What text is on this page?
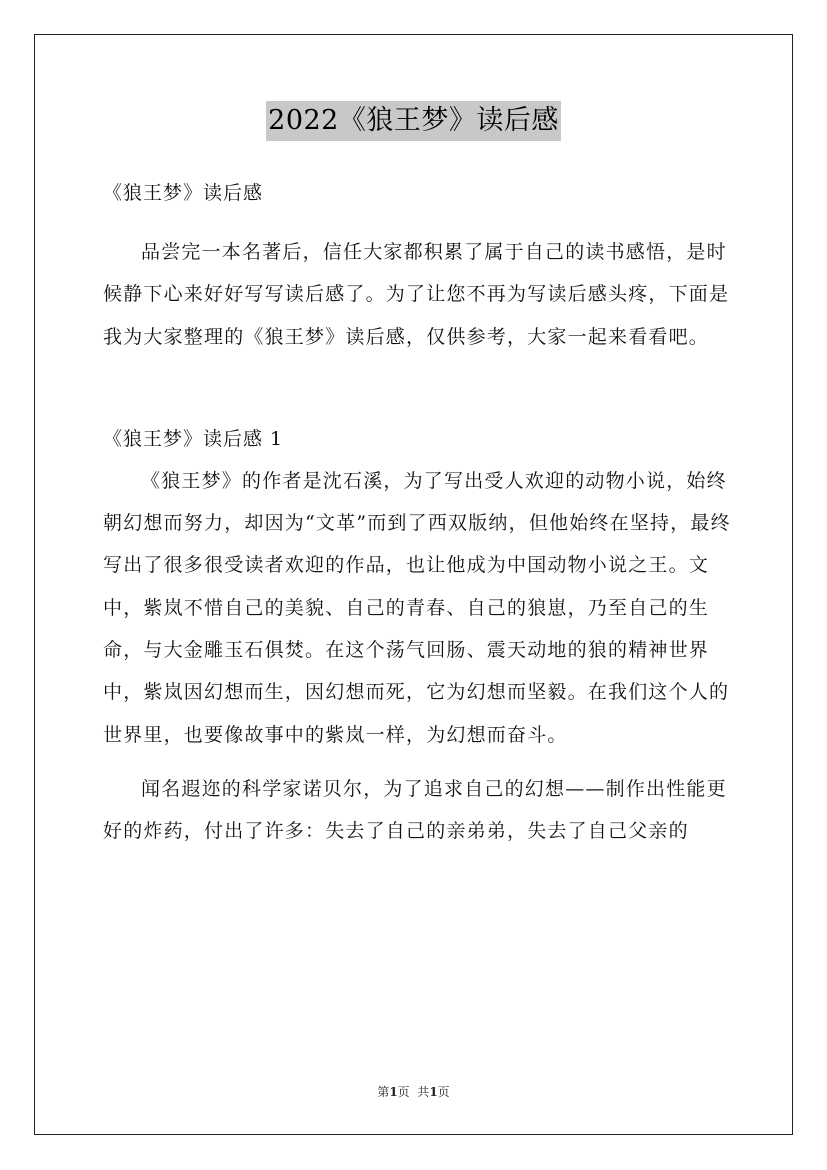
2022《狼王梦》读后感
《狼王梦》读后感

品尝完一本名著后，信任大家都积累了属于自己的读书感悟，是时候静下心来好好写写读后感了。为了让您不再为写读后感头疼，下面是我为大家整理的《狼王梦》读后感，仅供参考，大家一起来看看吧。

《狼王梦》读后感 1

《狼王梦》的作者是沈石溪，为了写出受人欢迎的动物小说，始终朝幻想而努力，却因为“文革”而到了西双版纳，但他始终在坚持，最终写出了很多很受读者欢迎的作品，也让他成为中国动物小说之王。文中，紫岚不惜自己的美貌、自己的青春、自己的狼崽，乃至自己的生命，与大金雕玉石俱焚。在这个荡气回肠、震天动地的狼的精神世界中，紫岚因幻想而生，因幻想而死，它为幻想而坚毅。在我们这个人的世界里，也要像故事中的紫岚一样，为幻想而奋斗。

闻名遐迩的科学家诺贝尔，为了追求自己的幻想——制作出性能更好的炸药，付出了许多：失去了自己的亲弟弟，失去了自己父亲的

第1页  共1页
